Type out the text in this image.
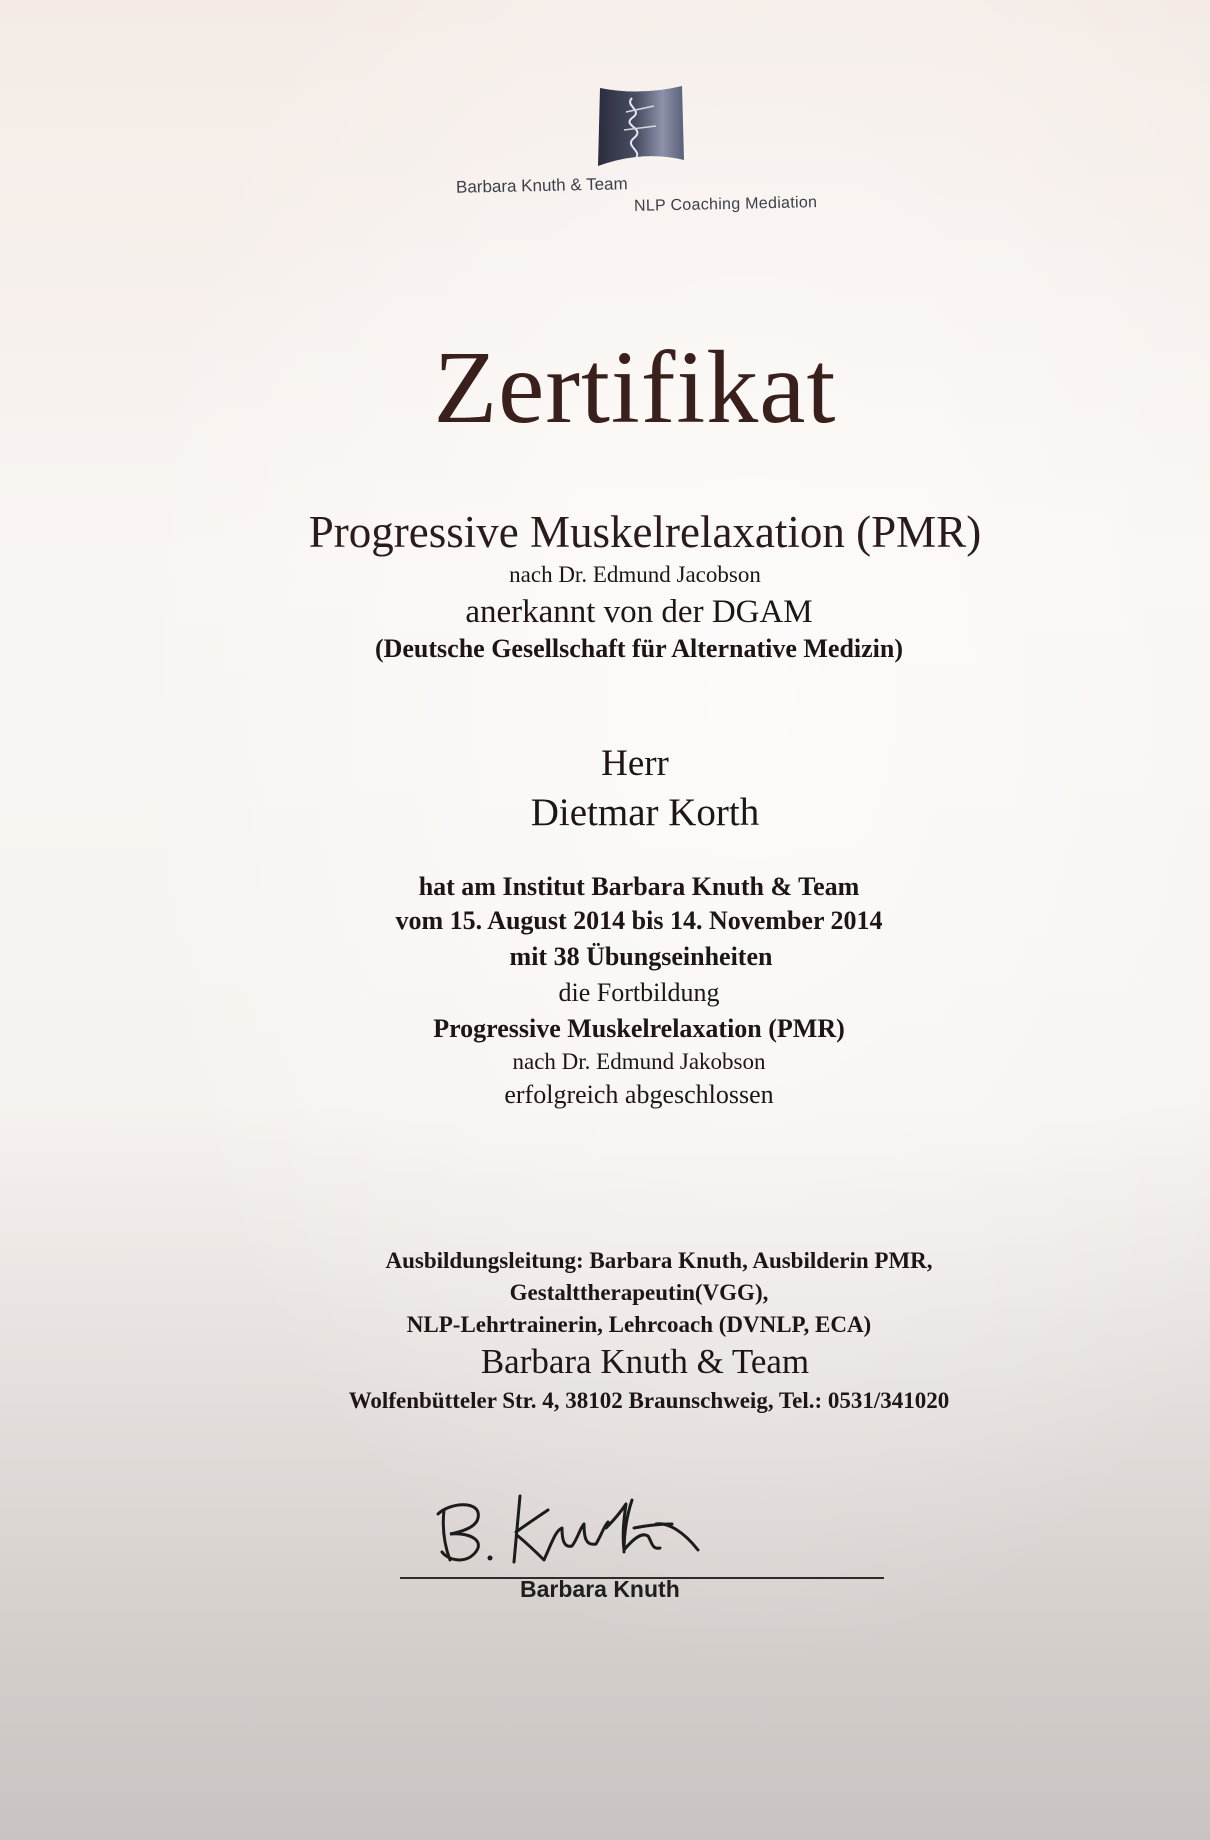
Barbara Knuth & Team
NLP Coaching Mediation
Zertifikat
Progressive Muskelrelaxation (PMR)
nach Dr. Edmund Jacobson
anerkannt von der DGAM
(Deutsche Gesellschaft für Alternative Medizin)
Herr
Dietmar Korth
hat am Institut Barbara Knuth & Team
vom 15. August 2014 bis 14. November 2014
mit 38 Übungseinheiten
die Fortbildung
Progressive Muskelrelaxation (PMR)
nach Dr. Edmund Jakobson
erfolgreich abgeschlossen
Ausbildungsleitung: Barbara Knuth, Ausbilderin PMR,
Gestalttherapeutin(VGG),
NLP-Lehrtrainerin, Lehrcoach (DVNLP, ECA)
Barbara Knuth & Team
Wolfenbütteler Str. 4, 38102 Braunschweig, Tel.: 0531/341020
Barbara Knuth
